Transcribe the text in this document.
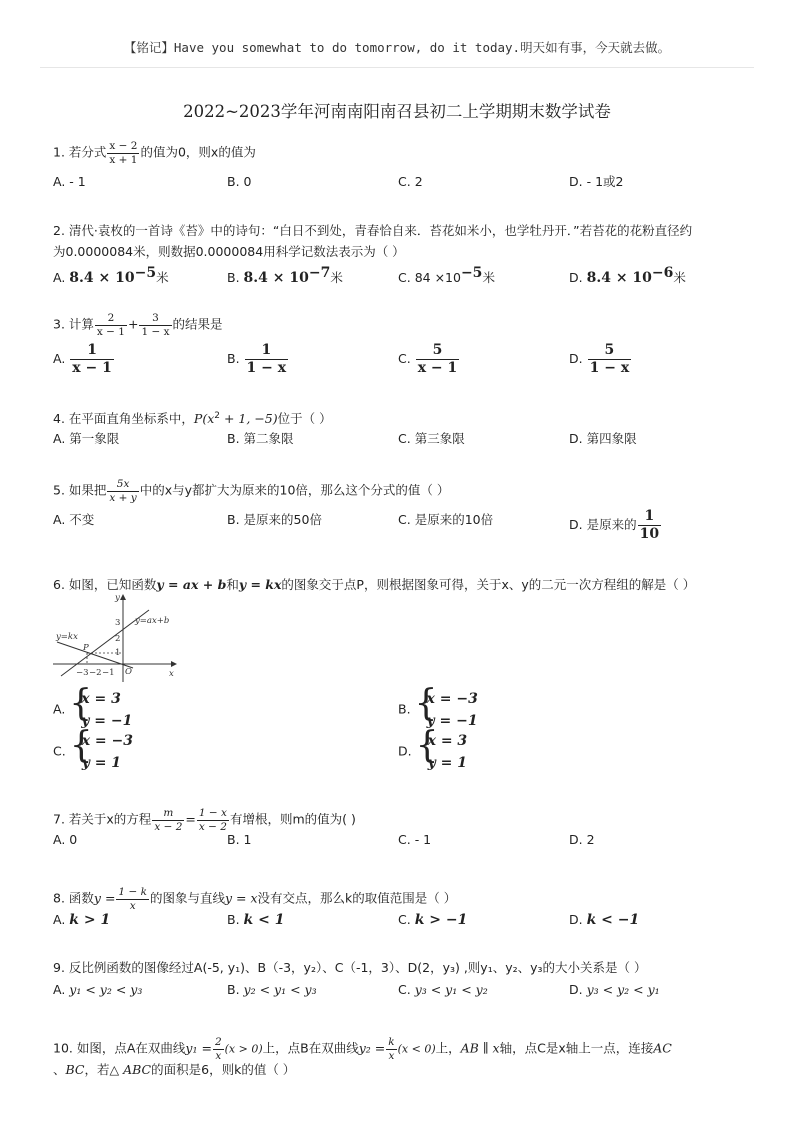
【铭记】Have you somewhat to do tomorrow, do it today.明天如有事，今天就去做。
2022~2023学年河南南阳南召县初二上学期期末数学试卷
1. 若分式 $\frac{x - 2}{x + 1}$ 的值为0，则x的值为
A. - 1	B. 0	C. 2	D. - 1或2
2. 清代·袁枚的一首诗《苔》中的诗句：“白日不到处，青春恰自来．苔花如米小，也学牡丹开．”若苔花的花粉直径约
为0.0000084米，则数据0.0000084用科学记数法表示为（ ）
A. $8.4 \times 10^{-5}$米	B. $8.4 \times 10^{-7}$米	C. $84 \times 10^{-5}$米	D. $8.4 \times 10^{-6}$米
3. 计算 $\frac{2}{x - 1} + \frac{3}{1 - x}$ 的结果是
A. $\frac{1}{x - 1}$	B. $\frac{1}{1 - x}$	C. $\frac{5}{x - 1}$	D. $\frac{5}{1 - x}$
4. 在平面直角坐标系中，$P(x^2 + 1$, −5)位于（ ）
A. 第一象限	B. 第二象限	C. 第三象限	D. 第四象限
5. 如果把 $\frac{5x}{x + y}$ 中的x与y都扩大为原来的10倍，那么这个分式的值（ ）
A. 不变	B. 是原来的50倍	C. 是原来的10倍	D. 是原来的 $\frac{1}{10}$
6. 如图，已知函数y = ax + b和y = kx的图象交于点P，则根据图象可得，关于x、y的二元一次方程组的解是（ ）
y
x
O
P
y=ax+b
y=kx
−3 −2 −1
3
2
1
A. {
x = 3
y = −1
B. {
x = −3
y = −1
C. {
x = −3
y = 1
D. {
x = 3
y = 1
7. 若关于x的方程 $\frac{m}{x - 2} = \frac{1 - x}{x - 2}$ 有增根，则m的值为( )
A. 0	B. 1	C. - 1	D. 2
8. 函数$y = \frac{1 - k}{x}$ 的图象与直线y = x没有交点，那么k的取值范围是（ ）
A. k > 1	B. k < 1	C. k > −1	D. k < −1
9. 反比例函数的图像经过A(-5, y₁)、B（-3，y₂）、C（-1，3）、D(2，y₃) ,则y₁、y₂、y₃的大小关系是（ ）
A. y₁ < y₂ < y₃	B. y₂ < y₁ < y₃	C. y₃ < y₁ < y₂	D. y₃ < y₂ < y₁
10. 如图，点A在双曲线$y_1 = \frac{2}{x} (x > 0)$上，点B在双曲线$y_2 = \frac{k}{x} (x < 0)$上，AB ∥ x轴，点C是x轴上一点，连接AC
、BC，若△ ABC的面积是6，则k的值（ ）
